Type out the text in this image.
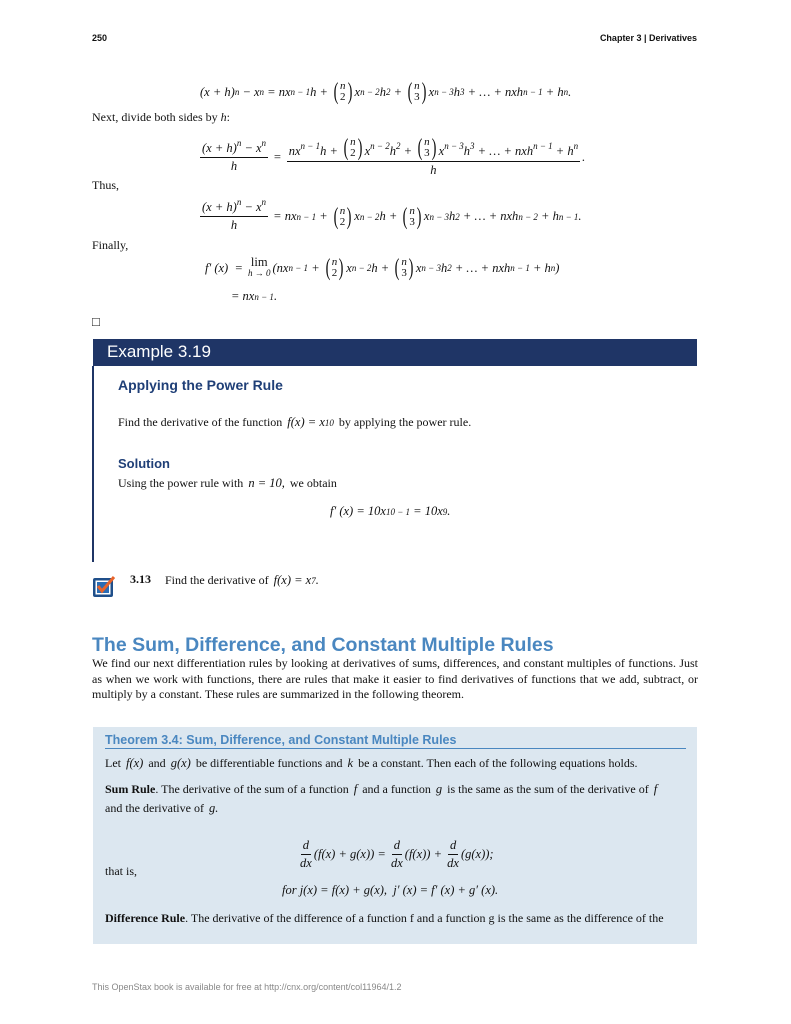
250	Chapter 3 | Derivatives
(x + h) n − x n = nx n − 1 h + ( n
2 ) x n − 2 h 2 + ( n
3 ) x n − 3 h 3 + … + nxh n − 1 + h n .
Next, divide both sides by h:
$\frac{(x + h)^n - x^n}{h} = nx^{n - 1}h$ + ( n
2 ) $x^{n - 2}h^2$ + ( n
3 ) $x^{n - 3}h^3$ + … + $nxh^{n - 1} + h^n$
h .
Thus,
$\frac{(x + h)^n - x^n}{h}$ = nx n − 1 + ( n
2 ) x n − 2 h + ( n
3 ) x n − 3 h 2 + … + nxh n − 2 + h n − 1 .
Finally,
f′ (x)  = lim
h → 0 (nx n − 1 + ( n
2 ) x n − 2 h + ( n
3 ) x n − 3 h 2 + … + nxh n − 1 + h n )
= nx n − 1 .
□
Example 3.19
Applying the Power Rule
Find the derivative of the function f(x) = x 10 by applying the power rule.
Solution
Using the power rule with n = 10, we obtain
f′ (x) = 10x 10 − 1 = 10x 9 .
3.13 Find the derivative of f(x) = x 7 .
The Sum, Difference, and Constant Multiple Rules
We find our next differentiation rules by looking at derivatives of sums, differences, and constant multiples of functions. Just as when we work with functions, there are rules that make it easier to find derivatives of functions that we add, subtract, or multiply by a constant. These rules are summarized in the following theorem.
Theorem 3.4: Sum, Difference, and Constant Multiple Rules
Let f(x) and g(x) be differentiable functions and k be a constant. Then each of the following equations holds.
Sum Rule. The derivative of the sum of a function f and a function g is the same as the sum of the derivative of f
and the derivative of g.
$\frac{d}{dx} (f(x) + g(x)) = \frac{d}{dx} (f(x)) + \frac{d}{dx} (g(x))$;
that is,
for j(x) = f(x) + g(x),  j′ (x) = f′ (x) + g′ (x).
Difference Rule. The derivative of the difference of a function f and a function g is the same as the difference of the
This OpenStax book is available for free at http://cnx.org/content/col11964/1.2
